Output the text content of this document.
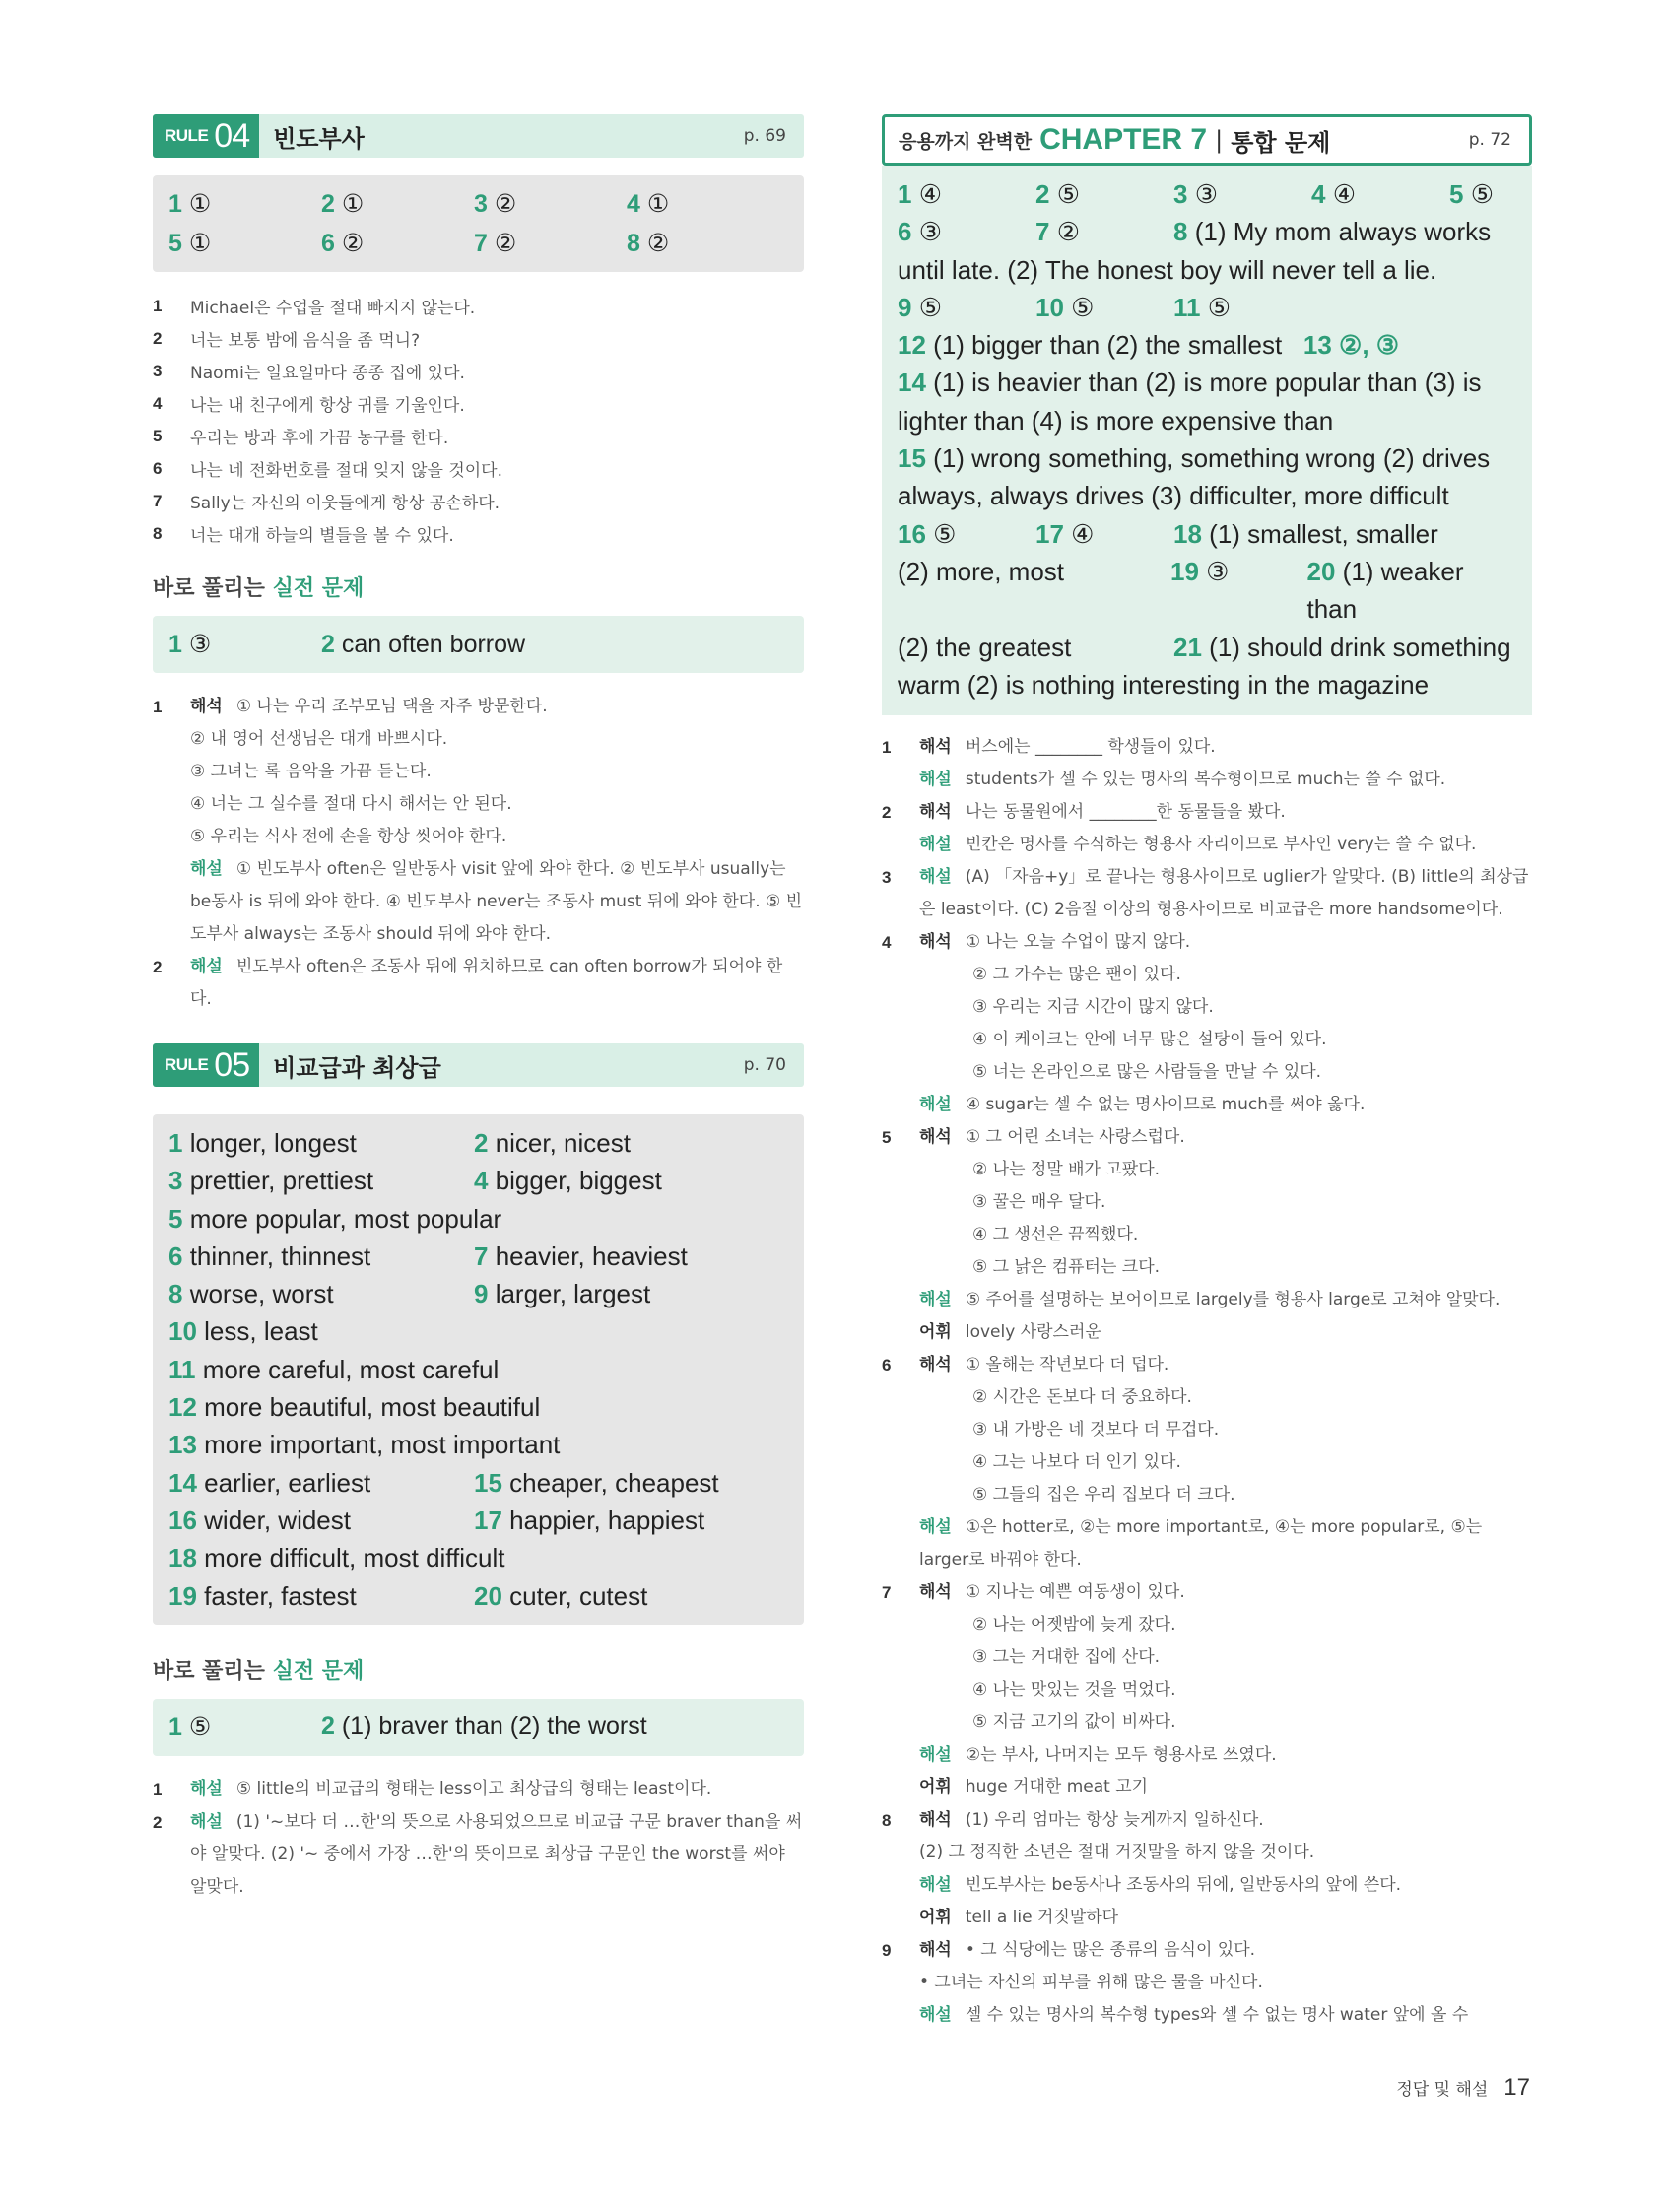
RULE 04 빈도부사	p. 69
1 ①	2 ①	3 ②	4 ①
5 ①	6 ②	7 ②	8 ②
1	Michael은 수업을 절대 빠지지 않는다.
2	너는 보통 밤에 음식을 좀 먹니?
3	Naomi는 일요일마다 종종 집에 있다.
4	나는 내 친구에게 항상 귀를 기울인다.
5	우리는 방과 후에 가끔 농구를 한다.
6	나는 네 전화번호를 절대 잊지 않을 것이다.
7	Sally는 자신의 이웃들에게 항상 공손하다.
8	너는 대개 하늘의 별들을 볼 수 있다.
바로 풀리는 실전 문제
1 ③	2 can often borrow
1	해석 ① 나는 우리 조부모님 댁을 자주 방문한다.
② 내 영어 선생님은 대개 바쁘시다.
③ 그녀는 록 음악을 가끔 듣는다.
④ 너는 그 실수를 절대 다시 해서는 안 된다.
⑤ 우리는 식사 전에 손을 항상 씻어야 한다.
해설 ① 빈도부사 often은 일반동사 visit 앞에 와야 한다. ② 빈도부사 usually는 be동사 is 뒤에 와야 한다. ④ 빈도부사 never는 조동사 must 뒤에 와야 한다. ⑤ 빈도부사 always는 조동사 should 뒤에 와야 한다.
2	해설 빈도부사 often은 조동사 뒤에 위치하므로 can often borrow가 되어야 한다.
RULE 05 비교급과 최상급	p. 70
1 longer, longest	2 nicer, nicest
3 prettier, prettiest	4 bigger, biggest
5 more popular, most popular
6 thinner, thinnest	7 heavier, heaviest
8 worse, worst	9 larger, largest
10 less, least
11 more careful, most careful
12 more beautiful, most beautiful
13 more important, most important
14 earlier, earliest	15 cheaper, cheapest
16 wider, widest	17 happier, happiest
18 more difficult, most difficult
19 faster, fastest	20 cuter, cutest
바로 풀리는 실전 문제
1 ⑤	2 (1) braver than (2) the worst
1	해설 ⑤ little의 비교급의 형태는 less이고 최상급의 형태는 least이다.
2	해설 (1) '~보다 더 …한'의 뜻으로 사용되었으므로 비교급 구문 braver than을 써야 알맞다. (2) '~ 중에서 가장 …한'의 뜻이므로 최상급 구문인 the worst를 써야 알맞다.
응용까지 완벽한 CHAPTER 7 | 통합 문제	p. 72
1 ④	2 ⑤	3 ③	4 ④	5 ⑤
6 ③	7 ②	8 (1) My mom always works
until late. (2) The honest boy will never tell a lie.
9 ⑤	10 ⑤	11 ⑤
12 (1) bigger than (2) the smallest 13 ②, ③
14 (1) is heavier than (2) is more popular than (3) is
lighter than (4) is more expensive than
15 (1) wrong something, something wrong (2) drives
always, always drives (3) difficulter, more difficult
16 ⑤	17 ④	18 (1) smallest, smaller
(2) more, most	19 ③	20 (1) weaker than
(2) the greatest	21 (1) should drink something
warm (2) is nothing interesting in the magazine
1	해석 버스에는 ________ 학생들이 있다.
해설 students가 셀 수 있는 명사의 복수형이므로 much는 쓸 수 없다.
2	해석 나는 동물원에서 ________한 동물들을 봤다.
해설 빈칸은 명사를 수식하는 형용사 자리이므로 부사인 very는 쓸 수 없다.
3	해설 (A) 「자음+y」로 끝나는 형용사이므로 uglier가 알맞다. (B) little의 최상급은 least이다. (C) 2음절 이상의 형용사이므로 비교급은 more handsome이다.
4	해석 ① 나는 오늘 수업이 많지 않다.
② 그 가수는 많은 팬이 있다.
③ 우리는 지금 시간이 많지 않다.
④ 이 케이크는 안에 너무 많은 설탕이 들어 있다.
⑤ 너는 온라인으로 많은 사람들을 만날 수 있다.
해설 ④ sugar는 셀 수 없는 명사이므로 much를 써야 옳다.
5	해석 ① 그 어린 소녀는 사랑스럽다.
② 나는 정말 배가 고팠다.
③ 꿀은 매우 달다.
④ 그 생선은 끔찍했다.
⑤ 그 낡은 컴퓨터는 크다.
해설 ⑤ 주어를 설명하는 보어이므로 largely를 형용사 large로 고쳐야 알맞다.
어휘 lovely 사랑스러운
6	해석 ① 올해는 작년보다 더 덥다.
② 시간은 돈보다 더 중요하다.
③ 내 가방은 네 것보다 더 무겁다.
④ 그는 나보다 더 인기 있다.
⑤ 그들의 집은 우리 집보다 더 크다.
해설 ①은 hotter로, ②는 more important로, ④는 more popular로, ⑤는 larger로 바꿔야 한다.
7	해석 ① 지나는 예쁜 여동생이 있다.
② 나는 어젯밤에 늦게 잤다.
③ 그는 거대한 집에 산다.
④ 나는 맛있는 것을 먹었다.
⑤ 지금 고기의 값이 비싸다.
해설 ②는 부사, 나머지는 모두 형용사로 쓰였다.
어휘 huge 거대한 meat 고기
8	해석 (1) 우리 엄마는 항상 늦게까지 일하신다.
(2) 그 정직한 소년은 절대 거짓말을 하지 않을 것이다.
해설 빈도부사는 be동사나 조동사의 뒤에, 일반동사의 앞에 쓴다.
어휘 tell a lie 거짓말하다
9	해석 • 그 식당에는 많은 종류의 음식이 있다.
• 그녀는 자신의 피부를 위해 많은 물을 마신다.
해설 셀 수 있는 명사의 복수형 types와 셀 수 없는 명사 water 앞에 올 수
정답 및 해설 17
